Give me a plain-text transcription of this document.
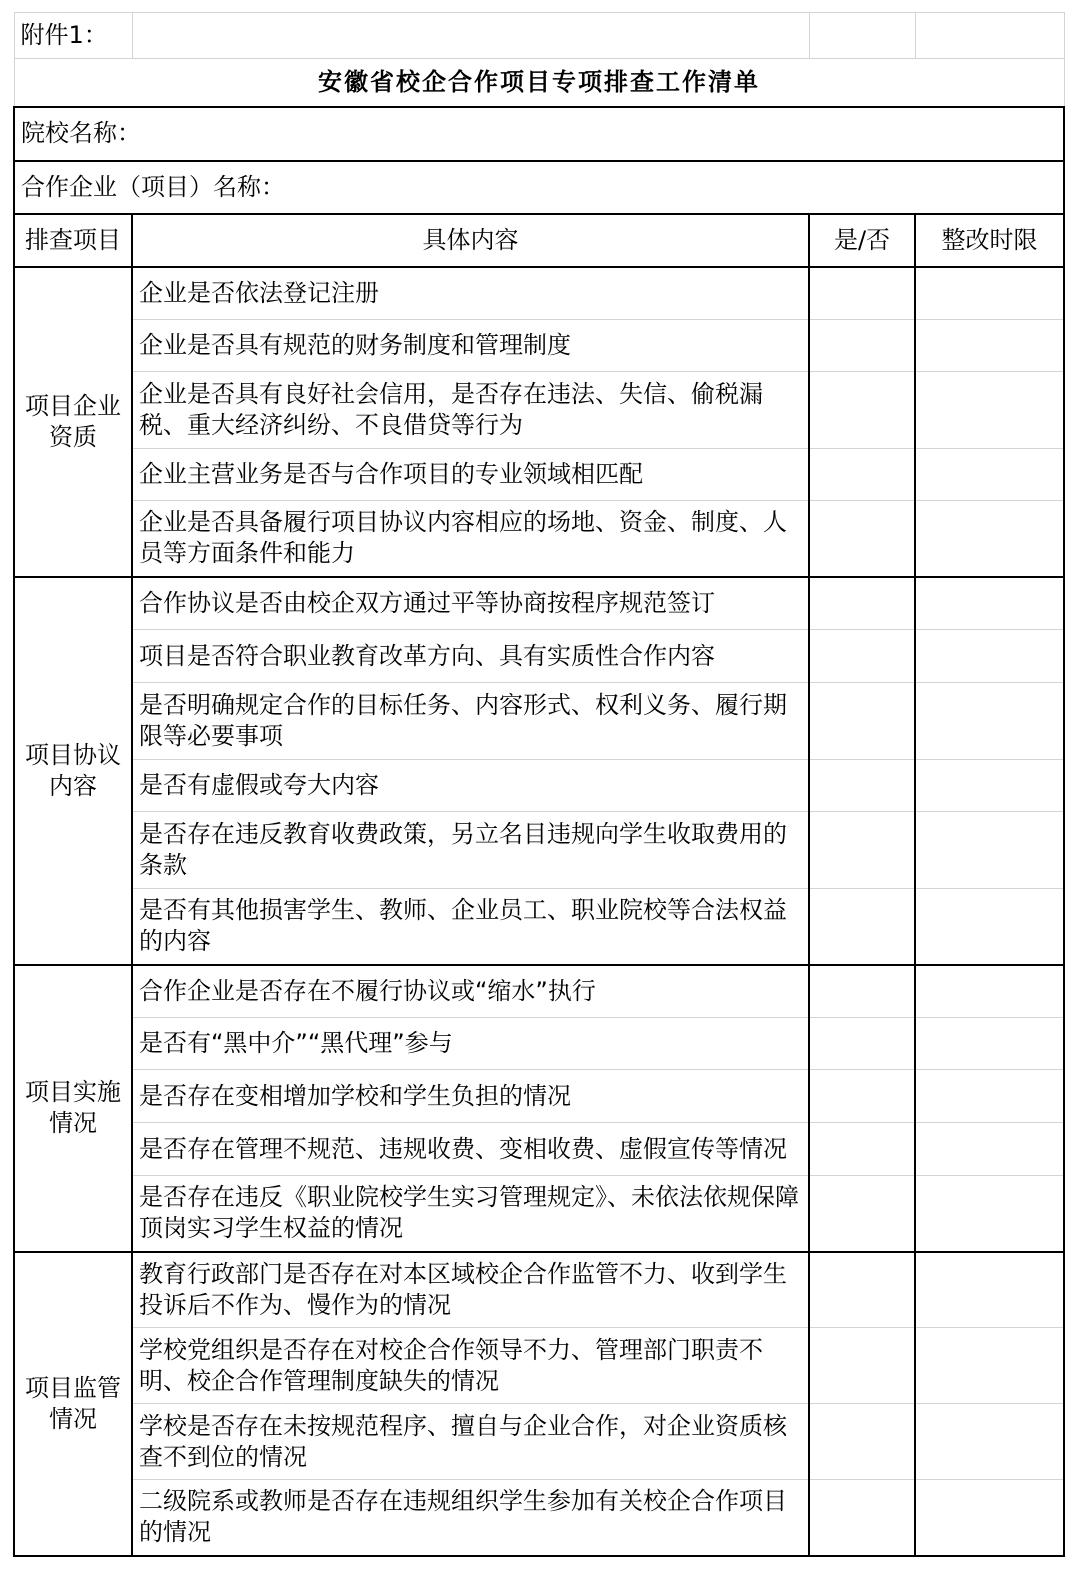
附件1：			
安徽省校企合作项目专项排查工作清单			
院校名称：			
合作企业（项目）名称：			
排查项目	具体内容	是/否	整改时限
项目企业资质	企业是否依法登记注册		
	企业是否具有规范的财务制度和管理制度		
	企业是否具有良好社会信用，是否存在违法、失信、偷税漏税、重大经济纠纷、不良借贷等行为		
	企业主营业务是否与合作项目的专业领域相匹配		
	企业是否具备履行项目协议内容相应的场地、资金、制度、人员等方面条件和能力		
项目协议内容	合作协议是否由校企双方通过平等协商按程序规范签订		
	项目是否符合职业教育改革方向、具有实质性合作内容		
	是否明确规定合作的目标任务、内容形式、权利义务、履行期限等必要事项		
	是否有虚假或夸大内容		
	是否存在违反教育收费政策，另立名目违规向学生收取费用的条款		
	是否有其他损害学生、教师、企业员工、职业院校等合法权益的内容		
项目实施情况	合作企业是否存在不履行协议或“缩水”执行		
	是否有“黑中介”“黑代理”参与		
	是否存在变相增加学校和学生负担的情况		
	是否存在管理不规范、违规收费、变相收费、虚假宣传等情况		
	是否存在违反《职业院校学生实习管理规定》、未依法依规保障顶岗实习学生权益的情况		
项目监管情况	教育行政部门是否存在对本区域校企合作监管不力、收到学生投诉后不作为、慢作为的情况		
	学校党组织是否存在对校企合作领导不力、管理部门职责不明、校企合作管理制度缺失的情况		
	学校是否存在未按规范程序、擅自与企业合作，对企业资质核查不到位的情况		
	二级院系或教师是否存在违规组织学生参加有关校企合作项目的情况		
